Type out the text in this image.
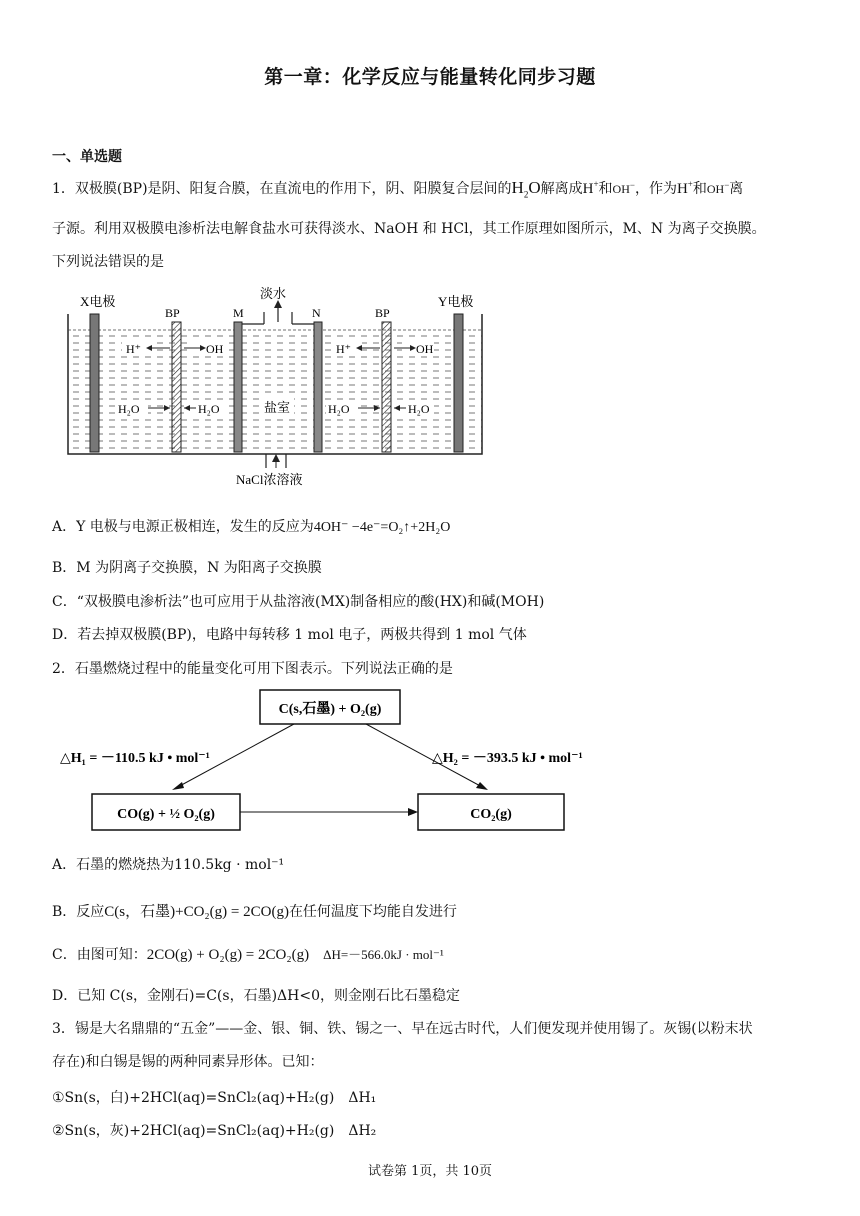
第一章：化学反应与能量转化同步习题
一、单选题
1．双极膜(BP)是阴、阳复合膜，在直流电的作用下，阴、阳膜复合层间的$H_2O$解离成H+和OH−，作为H+和OH−离
子源。利用双极膜电渗析法电解食盐水可获得淡水、NaOH 和 HCl，其工作原理如图所示，M、N 为离子交换膜。
下列说法错误的是
淡水
NaCl浓溶液
X电极	Y电极
BP	M	N	BP
H⁺	OH
H₂O	H₂O	盐室
H⁺	OH
H₂O	H₂O
A．Y 电极与电源正极相连，发生的反应为4OH⁻ −4e⁻=O₂↑+2H₂O
B．M 为阴离子交换膜，N 为阳离子交换膜
C．“双极膜电渗析法”也可应用于从盐溶液(MX)制备相应的酸(HX)和碱(MOH)
D．若去掉双极膜(BP)，电路中每转移 1 mol 电子，两极共得到 1 mol 气体
2．石墨燃烧过程中的能量变化可用下图表示。下列说法正确的是
C(s,石墨) + O₂(g)
CO(g) + ½ O₂(g)	CO₂(g)
△H₁ = －110.5 kJ • mol⁻¹	△H₂ = －393.5 kJ • mol⁻¹
A．石墨的燃烧热为110.5kg · mol⁻¹
B．反应C(s，石墨)+CO₂(g) = 2CO(g)在任何温度下均能自发进行
C．由图可知：2CO(g) + O₂(g) = 2CO₂(g) ΔH=－566.0kJ · mol⁻¹
D．已知 C(s，金刚石)=C(s，石墨)ΔH<0，则金刚石比石墨稳定
3．锡是大名鼎鼎的“五金”——金、银、铜、铁、锡之一、早在远古时代，人们便发现并使用锡了。灰锡(以粉末状
存在)和白锡是锡的两种同素异形体。已知：
①Sn(s，白)+2HCl(aq)=SnCl₂(aq)+H₂(g)　ΔH₁
②Sn(s，灰)+2HCl(aq)=SnCl₂(aq)+H₂(g)　ΔH₂
试卷第 1页，共 10页
